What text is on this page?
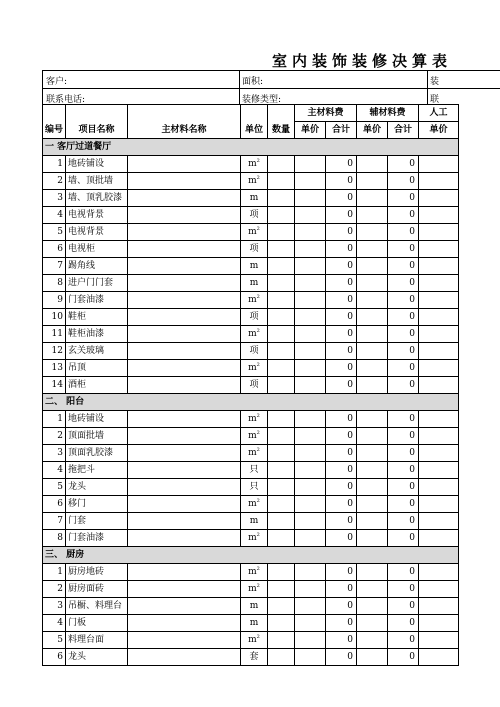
室内装饰装修决算表
客户:	面积:	装
联系电话:	装修类型:	联
编号	项目名称	主材料名称	单位	数量	主材料费		辅材料费		人工
					单价	合计	单价	合计	单价
一 客厅过道餐厅									
1	地砖铺设		$m^2$			0		0	
2	墙、顶批墙		$m^2$			0		0	
3	墙、顶乳胶漆		m			0		0	
4	电视背景		项			0		0	
5	电视背景		$m^2$			0		0	
6	电视柜		项			0		0	
7	踢角线		m			0		0	
8	进户门门套		m			0		0	
9	门套油漆		$m^2$			0		0	
10	鞋柜		项			0		0	
11	鞋柜油漆		$m^2$			0		0	
12	玄关玻璃		项			0		0	
13	吊顶		$m^2$			0		0	
14	酒柜		项			0		0	
二、 阳台									
1	地砖铺设		$m^2$			0		0	
2	顶面批墙		$m^2$			0		0	
3	顶面乳胶漆		$m^2$			0		0	
4	拖把斗		只			0		0	
5	龙头		只			0		0	
6	移门		$m^2$			0		0	
7	门套		m			0		0	
8	门套油漆		$m^2$			0		0	
三、 厨房									
1	厨房地砖		$m^2$			0		0	
2	厨房面砖		$m^2$			0		0	
3	吊橱、料理台		m			0		0	
4	门板		m			0		0	
5	料理台面		$m^2$			0		0	
6	龙头		套			0		0	
